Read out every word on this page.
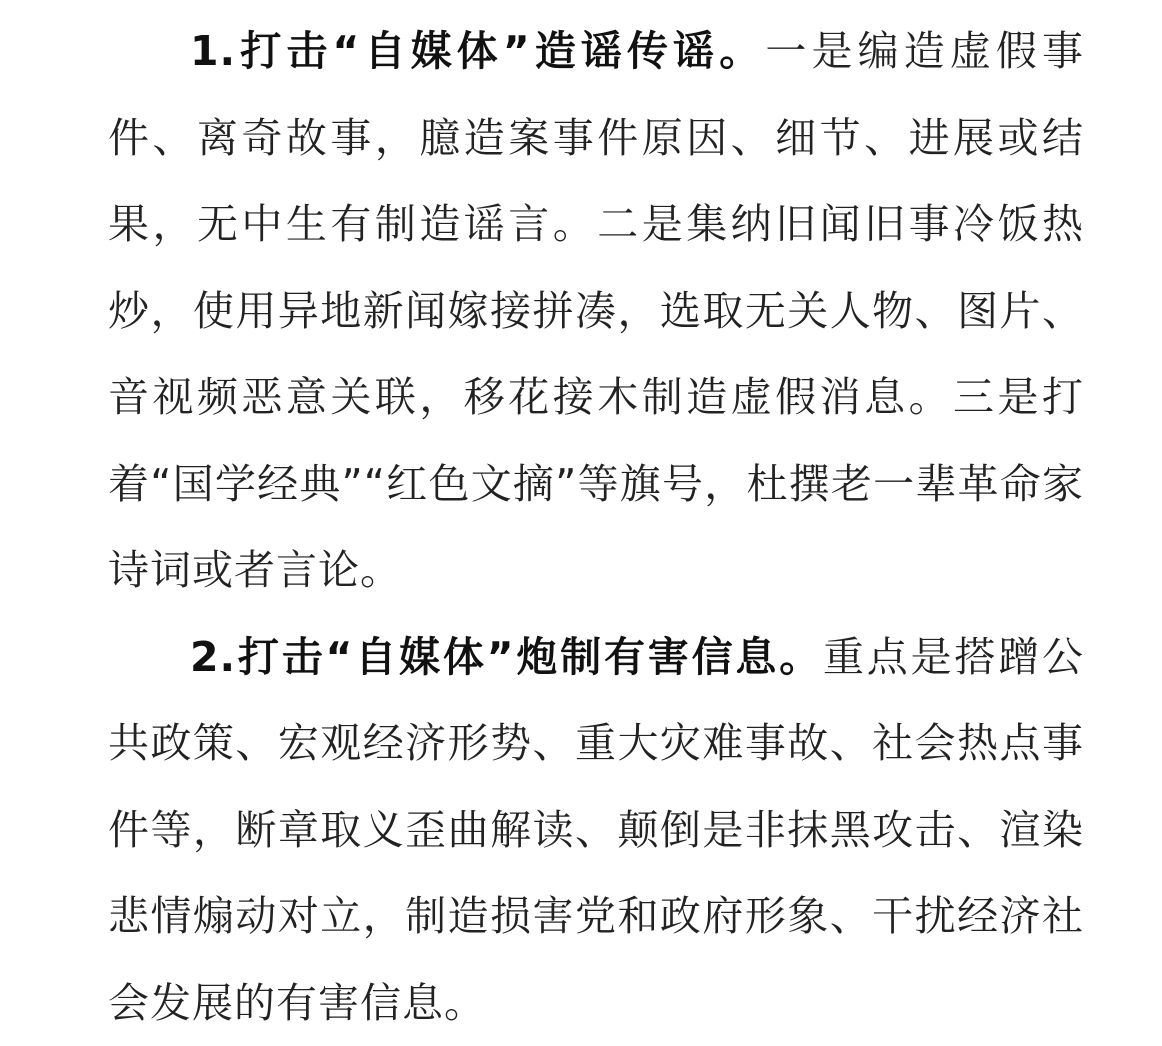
1.打击“自媒体”造谣传谣。一是编造虚假事件、离奇故事，臆造案事件原因、细节、进展或结果，无中生有制造谣言。二是集纳旧闻旧事冷饭热炒，使用异地新闻嫁接拼凑，选取无关人物、图片、音视频恶意关联，移花接木制造虚假消息。三是打着“国学经典”“红色文摘”等旗号，杜撰老一辈革命家诗词或者言论。

2.打击“自媒体”炮制有害信息。重点是搭蹭公共政策、宏观经济形势、重大灾难事故、社会热点事件等，断章取义歪曲解读、颠倒是非抹黑攻击、渲染悲情煽动对立，制造损害党和政府形象、干扰经济社会发展的有害信息。
